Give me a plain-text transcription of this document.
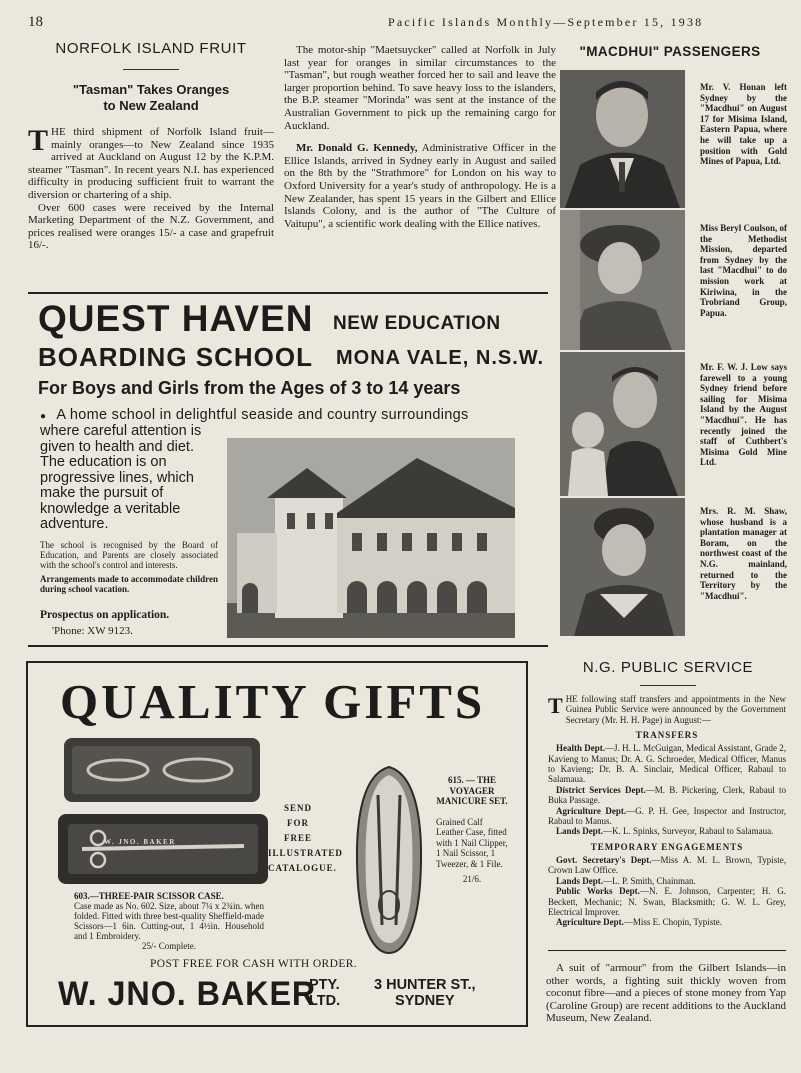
18	Pacific Islands Monthly—September 15, 1938
NORFOLK ISLAND FRUIT
"Tasman" Takes Oranges to New Zealand

THE third shipment of Norfolk Island fruit—mainly oranges—to New Zealand since 1935 arrived at Auckland on August 12 by the K.P.M. steamer "Tasman". In recent years N.I. has experienced difficulty in producing sufficient fruit to warrant the diversion or chartering of a ship.

Over 600 cases were received by the Internal Marketing Department of the N.Z. Government, and prices realised were oranges 15/- a case and grapefruit 16/-.

The motor-ship "Maetsuycker" called at Norfolk in July last year for oranges in similar circumstances to the "Tasman", but rough weather forced her to sail and leave the larger proportion behind. To save heavy loss to the islanders, the B.P. steamer "Morinda" was sent at the instance of the Australian Government to pick up the remaining cargo for Auckland.

Mr. Donald G. Kennedy, Administrative Officer in the Ellice Islands, arrived in Sydney early in August and sailed on the 8th by the "Strathmore" for London on his way to Oxford University for a year's study of anthropology. He is a New Zealander, has spent 15 years in the Gilbert and Ellice Islands Colony, and is the author of "The Culture of Vaitupu", a scientific work dealing with the Ellice natives.

"MACDHUI" PASSENGERS
Mr. V. Honan left Sydney by the "Macdhui" on August 17 for Misima Island, Eastern Papua, where he will take up a position with Gold Mines of Papua, Ltd.
Miss Beryl Coulson, of the Methodist Mission, departed from Sydney by the last "Macdhui" to do mission work at Kiriwina, in the Trobriand Group, Papua.
Mr. F. W. J. Low says farewell to a young Sydney friend before sailing for Misima Island by the August "Macdhui". He has recently joined the staff of Cuthbert's Misima Gold Mine Ltd.
Mrs. R. M. Shaw, whose husband is a plantation manager at Boram, on the northwest coast of the N.G. mainland, returned to the Territory by the "Macdhui".
QUEST HAVEN NEW EDUCATION
BOARDING SCHOOL MONA VALE, N.S.W.
For Boys and Girls from the Ages of 3 to 14 years
● A home school in delightful seaside and country surroundings
where careful attention is given to health and diet. The education is on progressive lines, which make the pursuit of knowledge a veritable adventure.

The school is recognised by the Board of Education, and Parents are closely associated with the school's control and interests.

Arrangements made to accommodate children during school vacation.

Prospectus on application.
'Phone: XW 9123.
QUALITY GIFTS
W. JNO. BAKER
603.—THREE-PAIR SCISSOR CASE.
Case made as No. 602. Size, about 7¼ x 2¾in. when folded. Fitted with three best-quality Sheffield-made Scissors—1 6in. Cutting-out, 1 4½in. Household and 1 Embroidery.
25/- Complete.
SEND
FOR
FREE
ILLUSTRATED
CATALOGUE.
615. — THE VOYAGER MANICURE SET.
Grained Calf Leather Case, fitted with 1 Nail Clipper, 1 Nail Scissor, 1 Tweezer, & 1 File.
21/6.
POST FREE FOR CASH WITH ORDER.
W. JNO. BAKER
PTY.
LTD.
3 HUNTER ST.,
SYDNEY
N.G. PUBLIC SERVICE

THE following staff transfers and appointments in the New Guinea Public Service were announced by the Government Secretary (Mr. H. H. Page) in August:—

TRANSFERS

Health Dept.—J. H. L. McGuigan, Medical Assistant, Grade 2, Kavieng to Manus; Dr. A. G. Schroeder, Medical Officer, Manus to Kavieng; Dr. B. A. Sinclair, Medical Officer, Rabaul to Salamaua.

District Services Dept.—M. B. Pickering, Clerk, Rabaul to Buka Passage.

Agriculture Dept.—G. P. H. Gee, Inspector and Instructor, Rabaul to Manus.

Lands Dept.—K. L. Spinks, Surveyor, Rabaul to Salamaua.

TEMPORARY ENGAGEMENTS

Govt. Secretary's Dept.—Miss A. M. L. Brown, Typiste, Crown Law Office.

Lands Dept.—L. P. Smith, Chainman.

Public Works Dept.—N. E. Johnson, Carpenter; H. G. Beckett, Mechanic; N. Swan, Blacksmith; G. W. L. Grey, Electrical Improver.

Agriculture Dept.—Miss E. Chopin, Typiste.

A suit of "armour" from the Gilbert Islands—in other words, a fighting suit thickly woven from coconut fibre—and a pieces of stone money from Yap (Caroline Group) are recent additions to the Auckland Museum, New Zealand.
